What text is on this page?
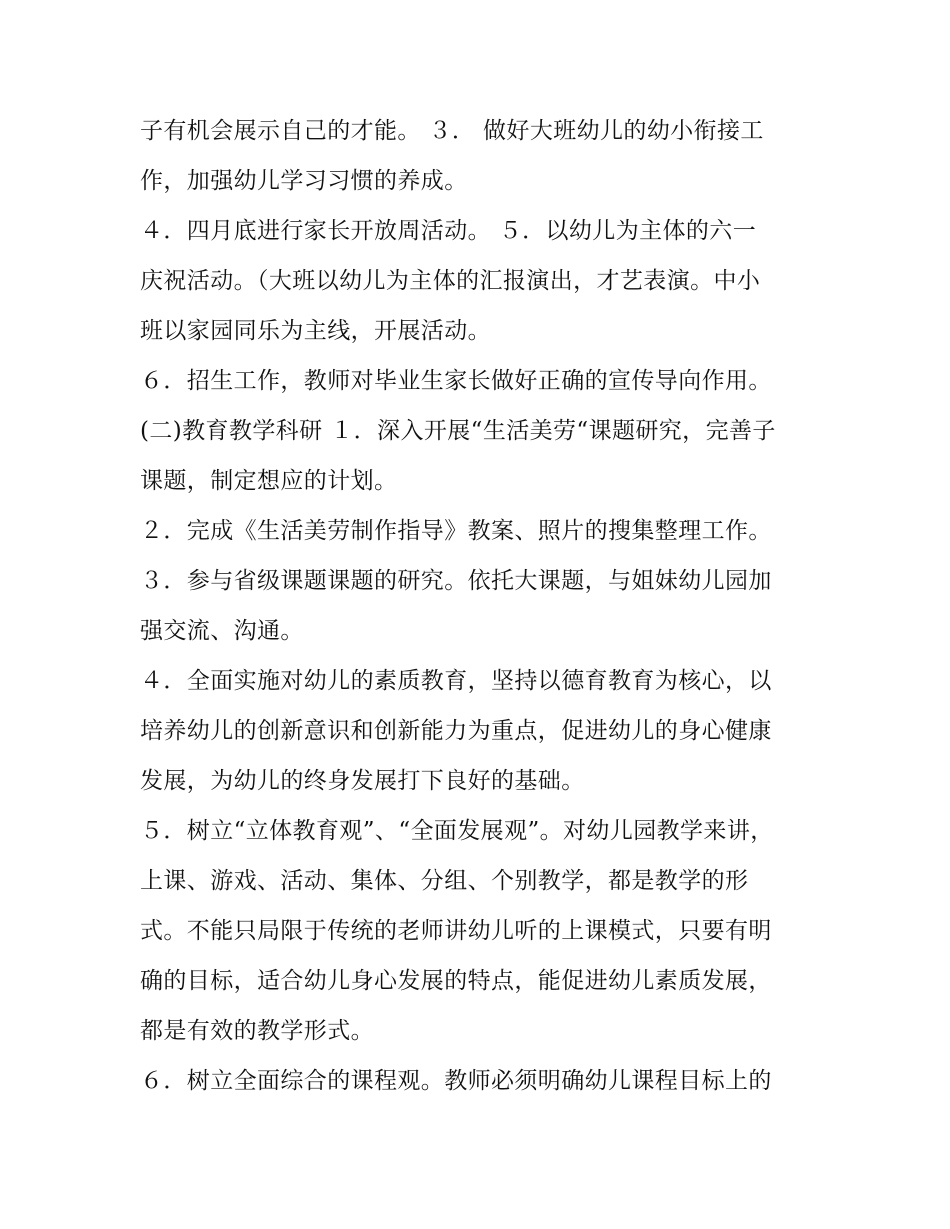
子有机会展示自己的才能。 ３． 做好大班幼儿的幼小衔接工
作，加强幼儿学习习惯的养成。
４．四月底进行家长开放周活动。 ５．以幼儿为主体的六一
庆祝活动。（大班以幼儿为主体的汇报演出，才艺表演。中小
班以家园同乐为主线，开展活动。
６．招生工作，教师对毕业生家长做好正确的宣传导向作用。
(二)教育教学科研 １．深入开展“生活美劳“课题研究，完善子
课题，制定想应的计划。
２．完成《生活美劳制作指导》教案、照片的搜集整理工作。
３．参与省级课题课题的研究。依托大课题，与姐妹幼儿园加
强交流、沟通。
４．全面实施对幼儿的素质教育，坚持以德育教育为核心，以
培养幼儿的创新意识和创新能力为重点，促进幼儿的身心健康
发展，为幼儿的终身发展打下良好的基础。
５．树立“立体教育观”、“全面发展观”。对幼儿园教学来讲，
上课、游戏、活动、集体、分组、个别教学，都是教学的形
式。不能只局限于传统的老师讲幼儿听的上课模式，只要有明
确的目标，适合幼儿身心发展的特点，能促进幼儿素质发展，
都是有效的教学形式。
６．树立全面综合的课程观。教师必须明确幼儿课程目标上的
